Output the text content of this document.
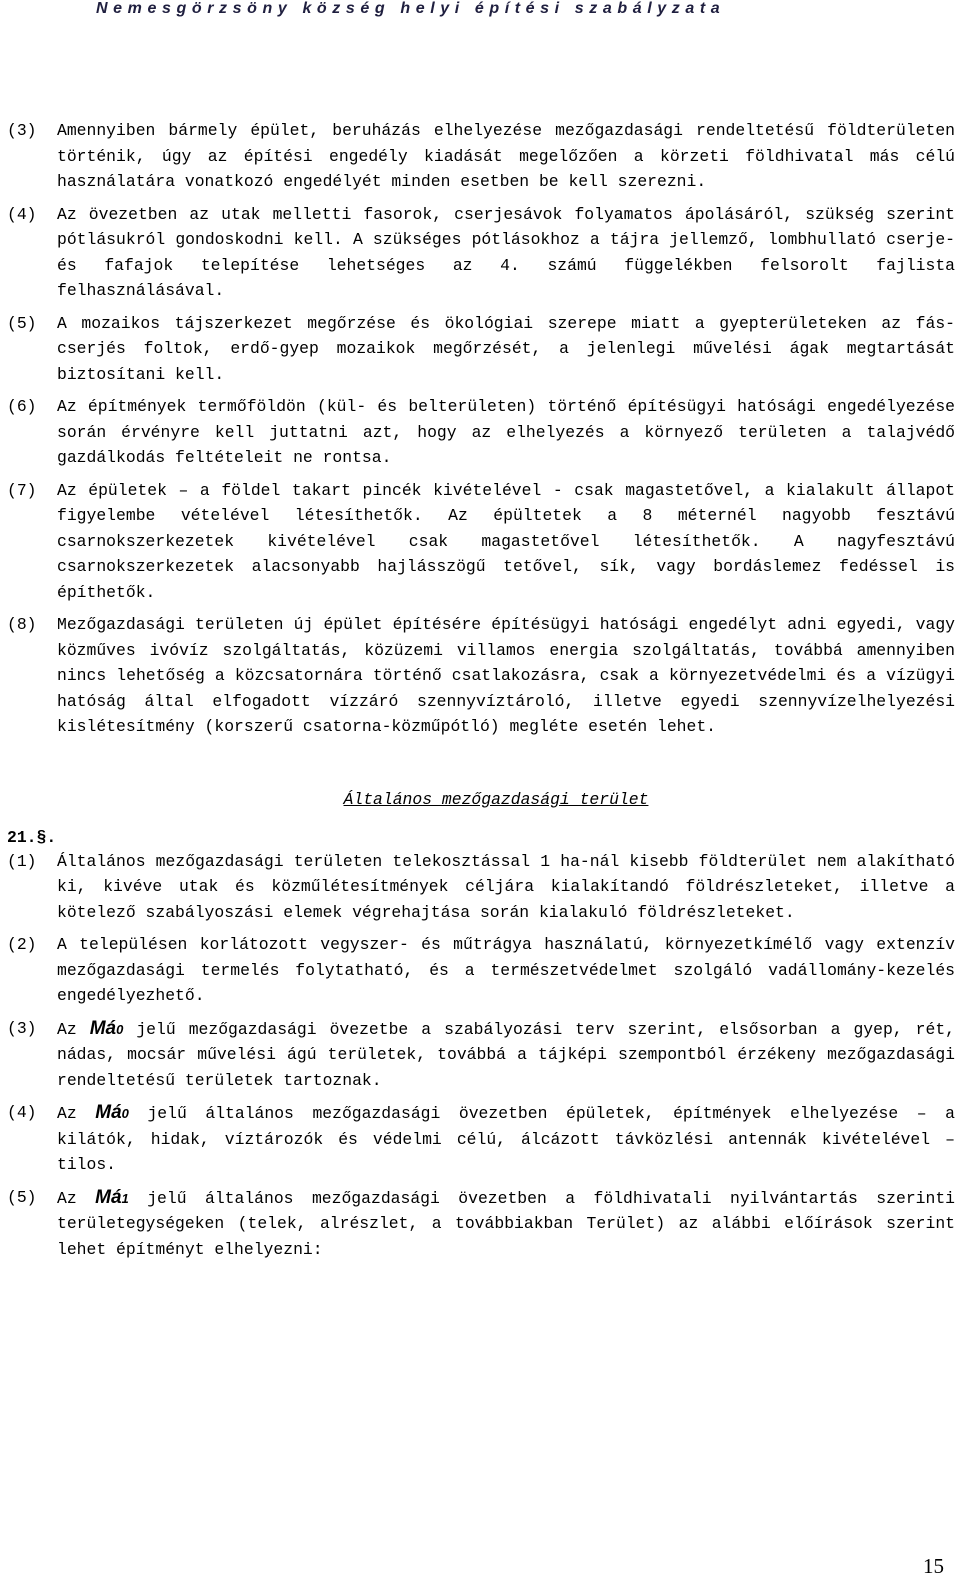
Nemesgörzsöny község helyi építési szabályzata
(3)	Amennyiben bármely épület, beruházás elhelyezése mezőgazdasági rendeltetésű földterületen történik, úgy az építési engedély kiadását megelőzően a körzeti földhivatal más célú használatára vonatkozó engedélyét minden esetben be kell szerezni.
(4)	Az övezetben az utak melletti fasorok, cserjesávok folyamatos ápolásáról, szükség szerint pótlásukról gondoskodni kell. A szükséges pótlásokhoz a tájra jellemző, lombhullató cserje- és fafajok telepítése lehetséges az 4. számú függelékben felsorolt fajlista felhasználásával.
(5)	A mozaikos tájszerkezet megőrzése és ökológiai szerepe miatt a gyepterületeken az fás-cserjés foltok, erdő-gyep mozaikok megőrzését, a jelenlegi művelési ágak megtartását biztosítani kell.
(6)	Az építmények termőföldön (kül- és belterületen) történő építésügyi hatósági engedélyezése során érvényre kell juttatni azt, hogy az elhelyezés a környező területen a talajvédő gazdálkodás feltételeit ne rontsa.
(7)	Az épületek – a földel takart pincék kivételével - csak magastetővel, a kialakult állapot figyelembe vételével létesíthetők. Az épültetek a 8 méternél nagyobb fesztávú csarnokszerkezetek kivételével csak magastetővel létesíthetők. A nagyfesztávú csarnokszerkezetek alacsonyabb hajlásszögű tetővel, sík, vagy bordáslemez fedéssel is építhetők.
(8)	Mezőgazdasági területen új épület építésére építésügyi hatósági engedélyt adni egyedi, vagy közműves ivóvíz szolgáltatás, közüzemi villamos energia szolgáltatás, továbbá amennyiben nincs lehetőség a közcsatornára történő csatlakozásra, csak a környezetvédelmi és a vízügyi hatóság által elfogadott vízzáró szennyvíztároló, illetve egyedi szennyvízelhelyezési kislétesítmény (korszerű csatorna-közműpótló) megléte esetén lehet.
Általános mezőgazdasági terület
21.§.
(1)	Általános mezőgazdasági területen telekosztással 1 ha-nál kisebb földterület nem alakítható ki, kivéve utak és közműlétesítmények céljára kialakítandó földrészleteket, illetve a kötelező szabályoszási elemek végrehajtása során kialakuló földrészleteket.
(2)	A településen korlátozott vegyszer- és műtrágya használatú, környezetkímélő vagy extenzív mezőgazdasági termelés folytatható, és a természetvédelmet szolgáló vadállomány-kezelés engedélyezhető.
(3)	Az Má0 jelű mezőgazdasági övezetbe a szabályozási terv szerint, elsősorban a gyep, rét, nádas, mocsár művelési ágú területek, továbbá a tájképi szempontból érzékeny mezőgazdasági rendeltetésű területek tartoznak.
(4)	Az Má0 jelű általános mezőgazdasági övezetben épületek, építmények elhelyezése – a kilátók, hidak, víztározók és védelmi célú, álcázott távközlési antennák kivételével – tilos.
(5)	Az Má1 jelű általános mezőgazdasági övezetben a földhivatali nyilvántartás szerinti területegységeken (telek, alrészlet, a továbbiakban Terület) az alábbi előírások szerint lehet építményt elhelyezni:
15
